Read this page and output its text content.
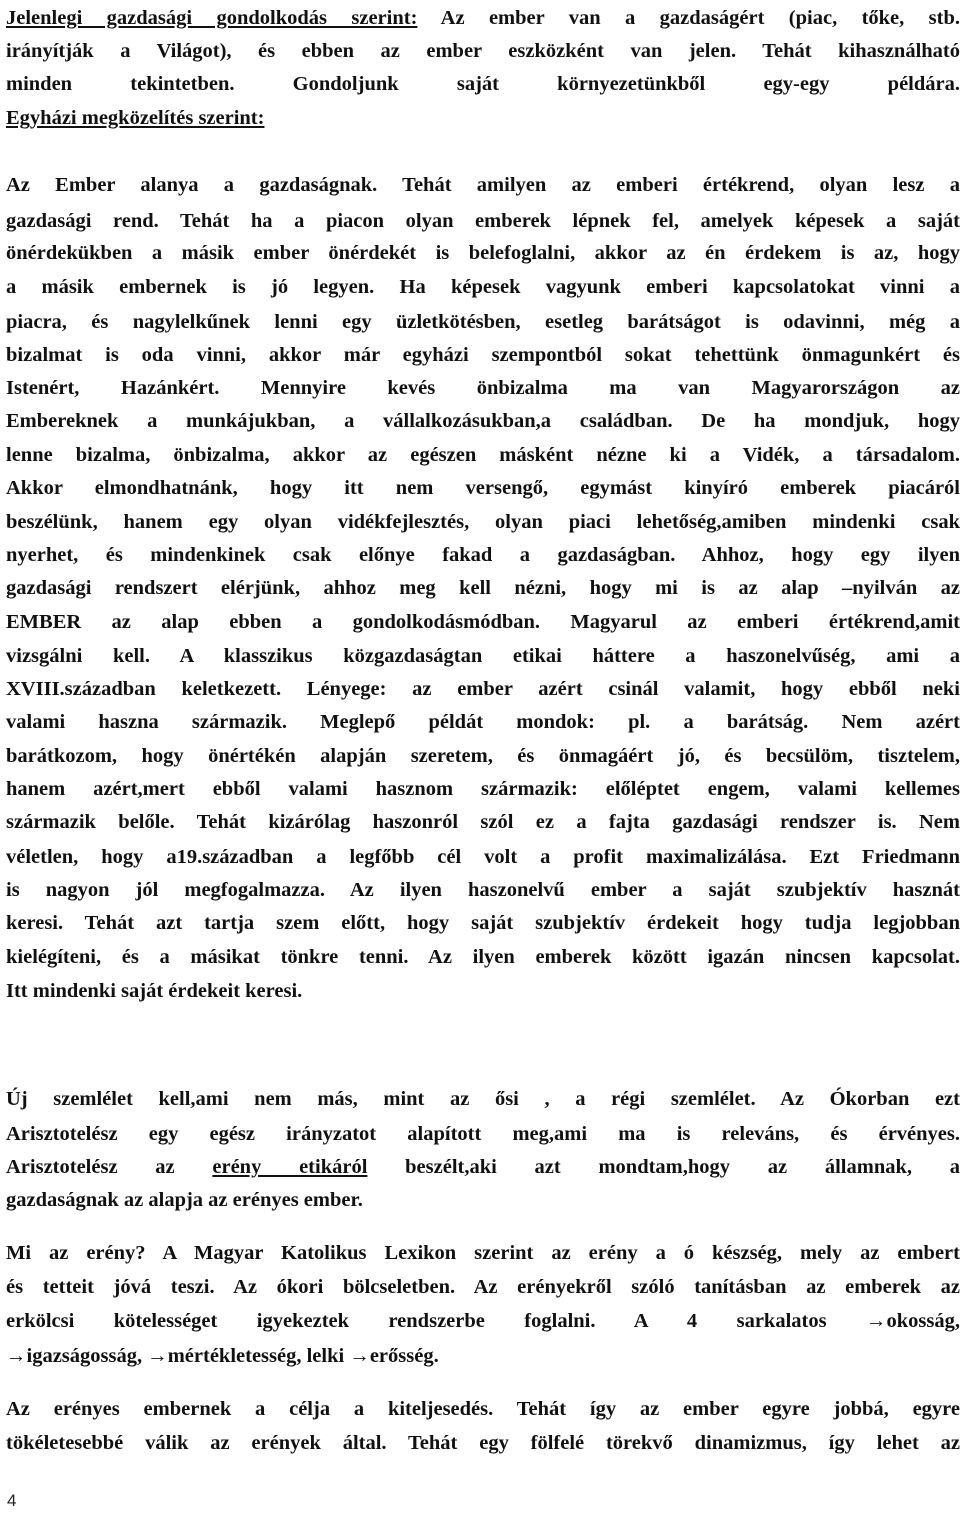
Jelenlegi gazdasági gondolkodás szerint: Az ember van a gazdaságért (piac, tőke, stb.
irányítják a Világot), és ebben az ember eszközként van jelen. Tehát kihasználható
minden tekintetben. Gondoljunk saját környezetünkből egy-egy példára.
Egyházi megközelítés szerint:
Az Ember alanya a gazdaságnak. Tehát amilyen az emberi értékrend, olyan lesz a
gazdasági rend. Tehát ha a piacon olyan emberek lépnek fel, amelyek képesek a saját
önérdekükben a másik ember önérdekét is belefoglalni, akkor az én érdekem is az, hogy
a másik embernek is jó legyen. Ha képesek vagyunk emberi kapcsolatokat vinni a
piacra, és nagylelkűnek lenni egy üzletkötésben, esetleg barátságot is odavinni, még a
bizalmat is oda vinni, akkor már egyházi szempontból sokat tehettünk önmagunkért és
Istenért, Hazánkért. Mennyire kevés önbizalma ma van Magyarországon az
Embereknek a munkájukban, a vállalkozásukban,a családban. De ha mondjuk, hogy
lenne bizalma, önbizalma, akkor az egészen másként nézne ki a Vidék, a társadalom.
Akkor elmondhatnánk, hogy itt nem versengő, egymást kinyíró emberek piacáról
beszélünk, hanem egy olyan vidékfejlesztés, olyan piaci lehetőség,amiben mindenki csak
nyerhet, és mindenkinek csak előnye fakad a gazdaságban. Ahhoz, hogy egy ilyen
gazdasági rendszert elérjünk, ahhoz meg kell nézni, hogy mi is az alap –nyilván az
EMBER az alap ebben a gondolkodásmódban. Magyarul az emberi értékrend,amit
vizsgálni kell. A klasszikus közgazdaságtan etikai háttere a haszonelvűség, ami a
XVIII.században keletkezett. Lényege: az ember azért csinál valamit, hogy ebből neki
valami haszna származik. Meglepő példát mondok: pl. a barátság. Nem azért
barátkozom, hogy önértékén alapján szeretem, és önmagáért jó, és becsülöm, tisztelem,
hanem azért,mert ebből valami hasznom származik: előléptet engem, valami kellemes
származik belőle. Tehát kizárólag haszonról szól ez a fajta gazdasági rendszer is. Nem
véletlen, hogy a19.században a legfőbb cél volt a profit maximalizálása. Ezt Friedmann
is nagyon jól megfogalmazza. Az ilyen haszonelvű ember a saját szubjektív hasznát
keresi. Tehát azt tartja szem előtt, hogy saját szubjektív érdekeit hogy tudja legjobban
kielégíteni, és a másikat tönkre tenni. Az ilyen emberek között igazán nincsen kapcsolat.
Itt mindenki saját érdekeit keresi.
Új szemlélet kell,ami nem más, mint az ősi , a régi szemlélet. Az Ókorban ezt
Arisztotelész egy egész irányzatot alapított meg,ami ma is releváns, és érvényes.
Arisztotelész az erény etikáról beszélt,aki azt mondtam,hogy az államnak, a
gazdaságnak az alapja az erényes ember.
Mi az erény? A Magyar Katolikus Lexikon szerint az erény a ó készség, mely az embert
és tetteit jóvá teszi. Az ókori bölcseletben. Az erényekről szóló tanításban az emberek az
erkölcsi kötelességet igyekeztek rendszerbe foglalni. A 4 sarkalatos →okosság,
→igazságosság, →mértékletesség, lelki →erősség.
Az erényes embernek a célja a kiteljesedés. Tehát így az ember egyre jobbá, egyre
tökéletesebbé válik az erények által. Tehát egy fölfelé törekvő dinamizmus, így lehet az
4
